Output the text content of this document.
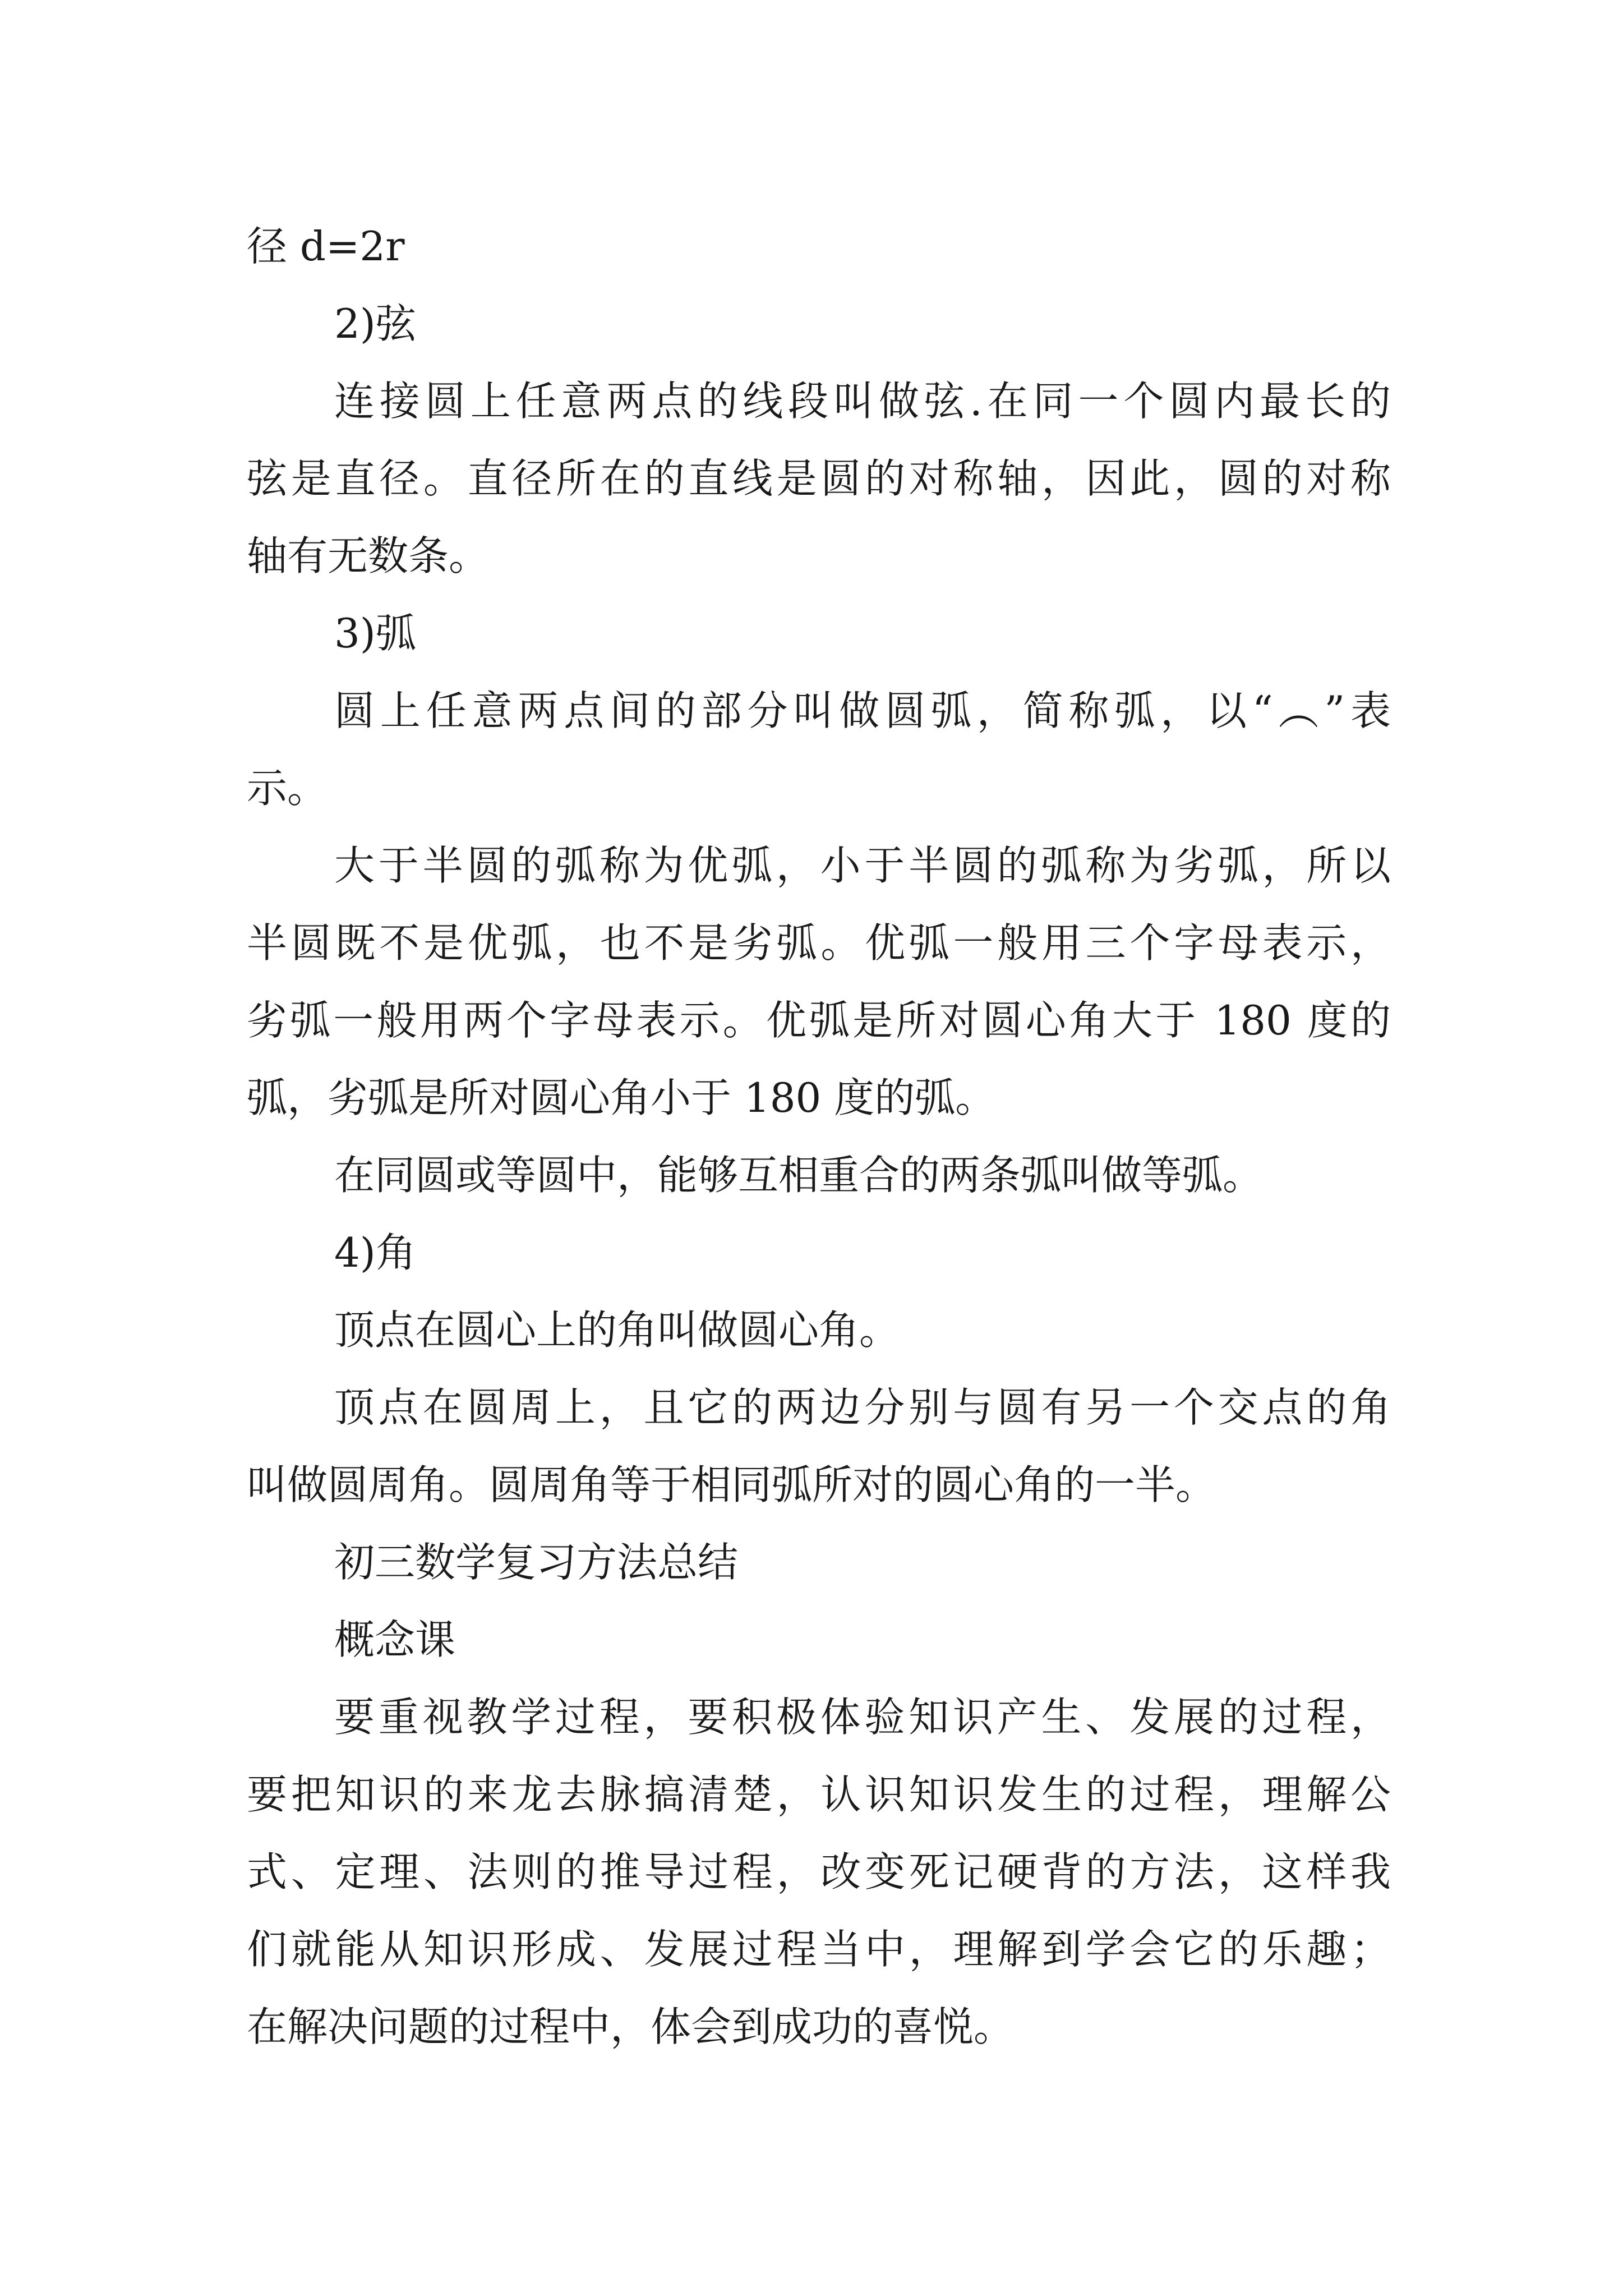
径 d=2r
2)弦
连接圆上任意两点的线段叫做弦.在同一个圆内最长的
弦是直径。直径所在的直线是圆的对称轴，因此，圆的对称
轴有无数条。
3)弧
圆上任意两点间的部分叫做圆弧，简称弧，以“︵”表
示。
大于半圆的弧称为优弧，小于半圆的弧称为劣弧，所以
半圆既不是优弧，也不是劣弧。优弧一般用三个字母表示，
劣弧一般用两个字母表示。优弧是所对圆心角大于 180 度的
弧，劣弧是所对圆心角小于 180 度的弧。
在同圆或等圆中，能够互相重合的两条弧叫做等弧。
4)角
顶点在圆心上的角叫做圆心角。
顶点在圆周上，且它的两边分别与圆有另一个交点的角
叫做圆周角。圆周角等于相同弧所对的圆心角的一半。
初三数学复习方法总结
概念课
要重视教学过程，要积极体验知识产生、发展的过程，
要把知识的来龙去脉搞清楚，认识知识发生的过程，理解公
式、定理、法则的推导过程，改变死记硬背的方法，这样我
们就能从知识形成、发展过程当中，理解到学会它的乐趣；
在解决问题的过程中，体会到成功的喜悦。
